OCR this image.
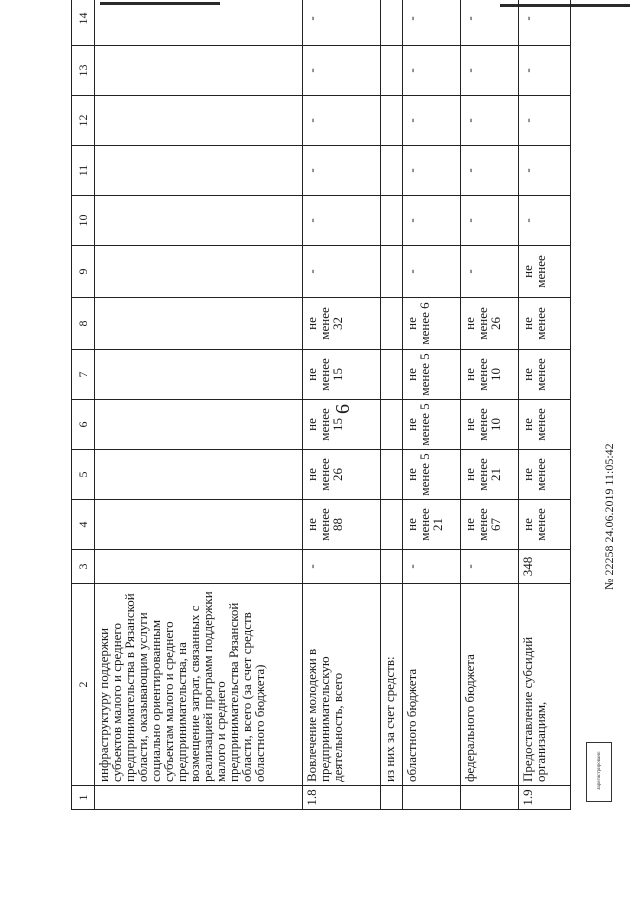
6
1	2	3	4	5	6	7	8	9	10	11	12	13	14
	инфраструктуру поддержки субъектов малого и среднего предпринимательства в Рязанской области, оказывающим услуги социально ориентированным субъектам малого и среднего предпринимательства, на возмещение затрат, связанных с реализацией программ поддержки малого и среднего предпринимательства Рязанской области, всего (за счет средств областного бюджета)												
1.8	Вовлечение молодежи в предпринимательскую деятельность, всего	-	не менее 88	не менее 26	не менее 15	не менее 15	не менее 32	-	-	-	-	-	-
	из них за счет средств:												
	областного бюджета	-	не менее 21	не менее 5	не менее 5	не менее 5	не менее 6	-	-	-	-	-	-
	федерального бюджета	-	не менее 67	не менее 21	не менее 10	не менее 10	не менее 26	-	-	-	-	-	-
1.9	Предоставление субсидий организациям,	348	не менее	не менее	не менее	не менее	не менее	не менее	-	-	-	-	-
Зарегистрировано
№ 22258 24.06.2019 11:05:42
